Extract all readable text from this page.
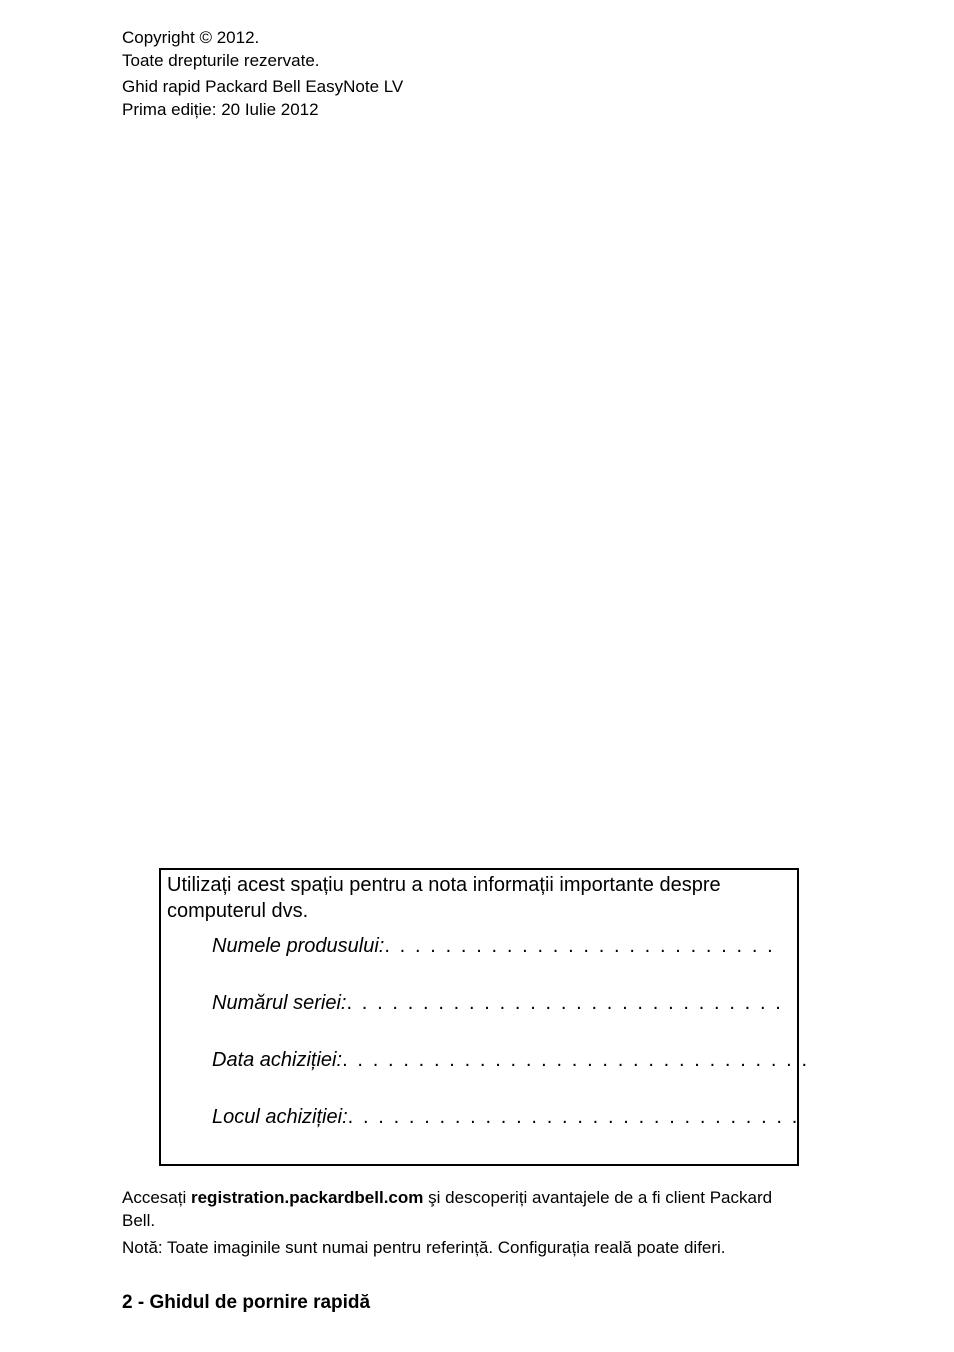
Copyright © 2012.
Toate drepturile rezervate.
Ghid rapid Packard Bell EasyNote LV
Prima ediție: 20 Iulie 2012
Utilizați acest spațiu pentru a nota informații importante despre computerul dvs.
Numele produsului: . . . . . . . . . . . . . . . . . . . . . . . . . .
Numărul seriei: . . . . . . . . . . . . . . . . . . . . . . . . . . . . .
Data achiziției: . . . . . . . . . . . . . . . . . . . . . . . . . . . . . . .
Locul achiziției: . . . . . . . . . . . . . . . . . . . . . . . . . . . . . .
Accesați registration.packardbell.com şi descoperiți avantajele de a fi client Packard Bell.
Notă: Toate imaginile sunt numai pentru referință. Configurația reală poate diferi.
2 - Ghidul de pornire rapidă
